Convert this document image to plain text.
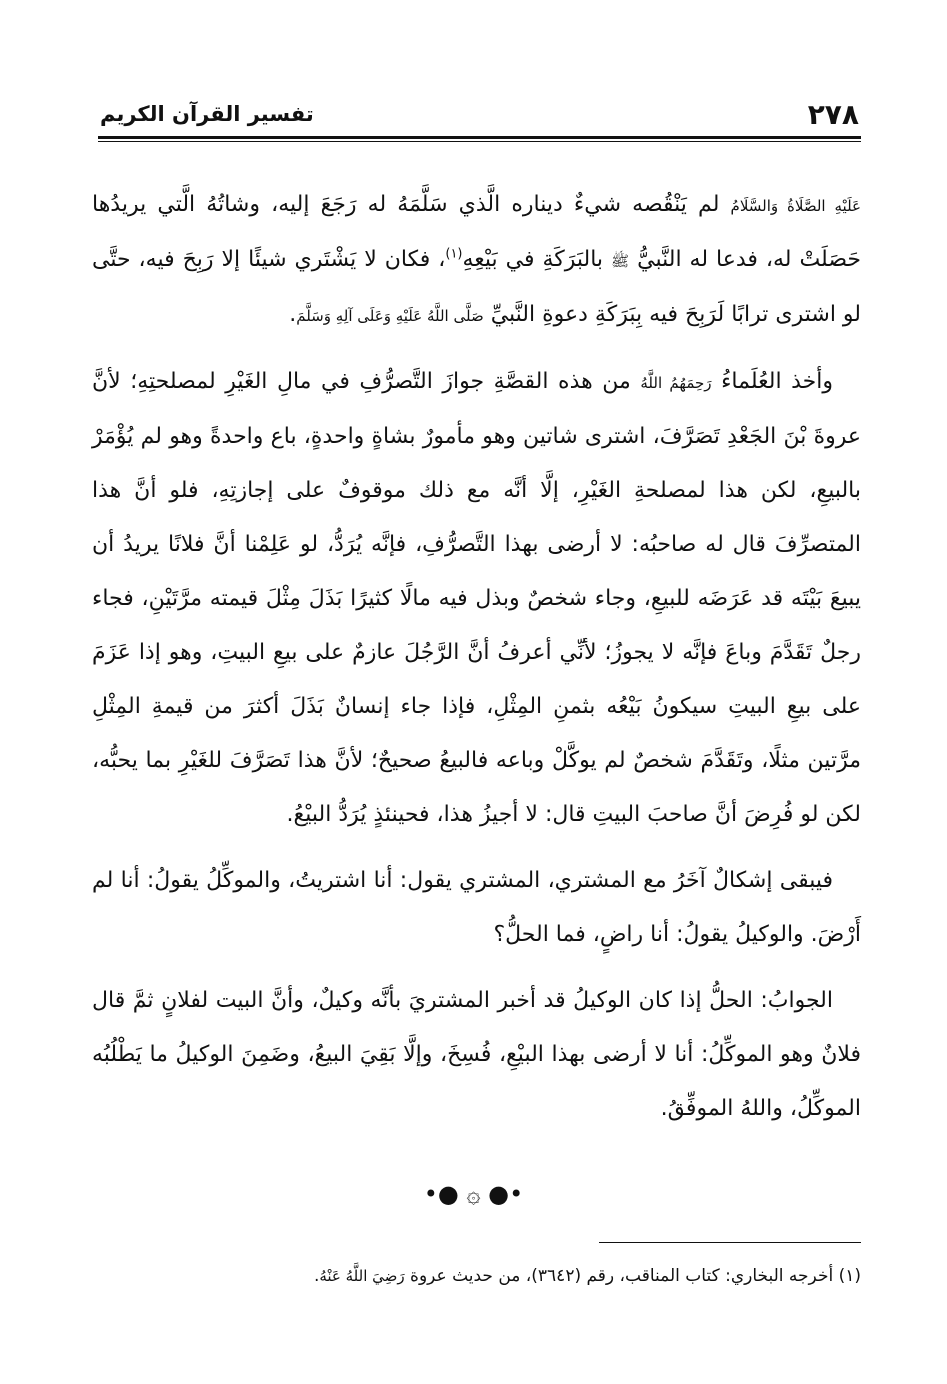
٢٧٨
تفسير القرآن الكريم

عَلَيْهِ الصَّلَاةُ وَالسَّلَامُ لم يَنْقُصه شيءٌ ديناره الَّذي سَلَّمَهُ له رَجَعَ إليه، وشاتُهُ الَّتي يريدُها حَصَلَتْ له، فدعا له النَّبيُّ ﷺ بالبَرَكَةِ في بَيْعِهِ$^{(١)}$، فكان لا يَشْتَري شيئًا إلا رَبِحَ فيه، حتَّى لو اشترى ترابًا لَرَبِحَ فيه بِبَرَكَةِ دعوةِ النَّبيِّ صَلَّى اللَّهُ عَلَيْهِ وَعَلَى آلِهِ وَسَلَّمَ.

وأخذ العُلَماءُ رَحِمَهُمُ اللَّهُ من هذه القصَّةِ جوازَ التَّصرُّفِ في مالِ الغَيْرِ لمصلحتِهِ؛ لأنَّ عروةَ بْنَ الجَعْدِ تَصَرَّفَ، اشترى شاتين وهو مأمورٌ بشاةٍ واحدةٍ، باع واحدةً وهو لم يُؤْمَرْ بالبيعِ، لكن هذا لمصلحةِ الغَيْرِ، إلَّا أنَّه مع ذلك موقوفٌ على إجازتِهِ، فلو أنَّ هذا المتصرِّفَ قال له صاحبُه: لا أرضى بهذا التَّصرُّفِ، فإنَّه يُرَدُّ، لو عَلِمْنا أنَّ فلانًا يريدُ أن يبيعَ بَيْتَه قد عَرَضَه للبيعِ، وجاء شخصٌ وبذل فيه مالًا كثيرًا بَذَلَ مِثْلَ قيمته مرَّتَيْنِ، فجاء رجلٌ تَقَدَّمَ وباعَ فإنَّه لا يجوزُ؛ لأنِّي أعرفُ أنَّ الرَّجُلَ عازمٌ على بيعِ البيتِ، وهو إذا عَزَمَ على بيعِ البيتِ سيكونُ بَيْعُه بثمنِ المِثْلِ، فإذا جاء إنسانٌ بَذَلَ أكثرَ من قيمةِ المِثْلِ مرَّتين مثلًا، وتَقَدَّمَ شخصٌ لم يوكَّلْ وباعه فالبيعُ صحيحٌ؛ لأنَّ هذا تَصَرَّفَ للغَيْرِ بما يحبُّه، لكن لو فُرِضَ أنَّ صاحبَ البيتِ قال: لا أجيزُ هذا، فحينئذٍ يُرَدُّ البيْعُ.

فيبقى إشكالٌ آخَرُ مع المشتري، المشتري يقول: أنا اشتريتُ، والموكِّلُ يقولُ: أنا لم أَرْضَ. والوكيلُ يقولُ: أنا راضٍ، فما الحلُّ؟

الجوابُ: الحلُّ إذا كان الوكيلُ قد أخبر المشتريَ بأنَّه وكيلٌ، وأنَّ البيت لفلانٍ ثمَّ قال فلانٌ وهو الموكِّلُ: أنا لا أرضى بهذا البيْعِ، فُسِخَ، وإلَّا بَقِيَ البيعُ، وضَمِنَ الوكيلُ ما يَطْلُبُه الموكِّلُ، واللهُ الموفِّقُ.

•● ۞ ●•
(١) أخرجه البخاري: كتاب المناقب، رقم (٣٦٤٢)، من حديث عروة رَضِيَ اللَّهُ عَنْهُ.
